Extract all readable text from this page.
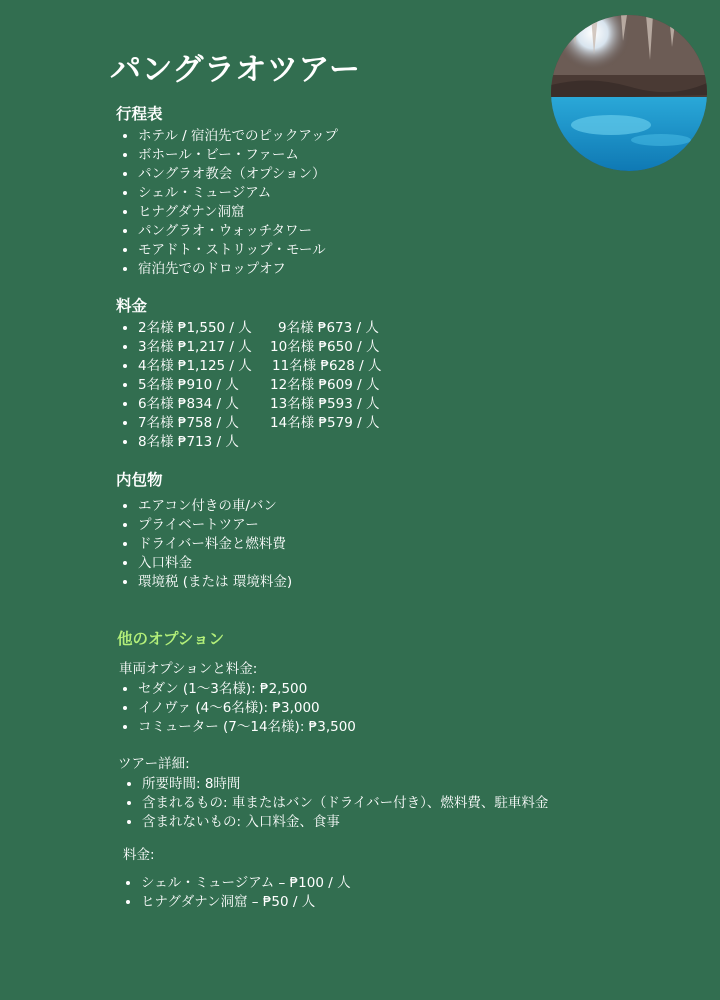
パングラオツアー
行程表
• ホテル / 宿泊先でのピックアップ
• ボホール・ビー・ファーム
• パングラオ教会（オプション）
• シェル・ミュージアム
• ヒナグダナン洞窟
• パングラオ・ウォッチタワー
• モアドト・ストリップ・モール
• 宿泊先でのドロップオフ
料金
• 2名様 ₱1,550 / 人
• 3名様 ₱1,217 / 人
• 4名様 ₱1,125 / 人
• 5名様 ₱910 / 人
• 6名様 ₱834 / 人
• 7名様 ₱758 / 人
• 8名様 ₱713 / 人
9名様 ₱673 / 人
10名様 ₱650 / 人
11名様 ₱628 / 人
12名様 ₱609 / 人
13名様 ₱593 / 人
14名様 ₱579 / 人
内包物
• エアコン付きの車/バン
• プライベートツアー
• ドライバー料金と燃料費
• 入口料金
• 環境税 (または 環境料金)
他のオプション

車両オプションと料金:

• セダン (1〜3名様): ₱2,500
• イノヴァ (4〜6名様): ₱3,000
• コミューター (7〜14名様): ₱3,500

ツアー詳細:

• 所要時間: 8時間
• 含まれるもの: 車またはバン（ドライバー付き）、燃料費、駐車料金
• 含まれないもの: 入口料金、食事

料金:

• シェル・ミュージアム – ₱100 / 人
• ヒナグダナン洞窟 – ₱50 / 人
